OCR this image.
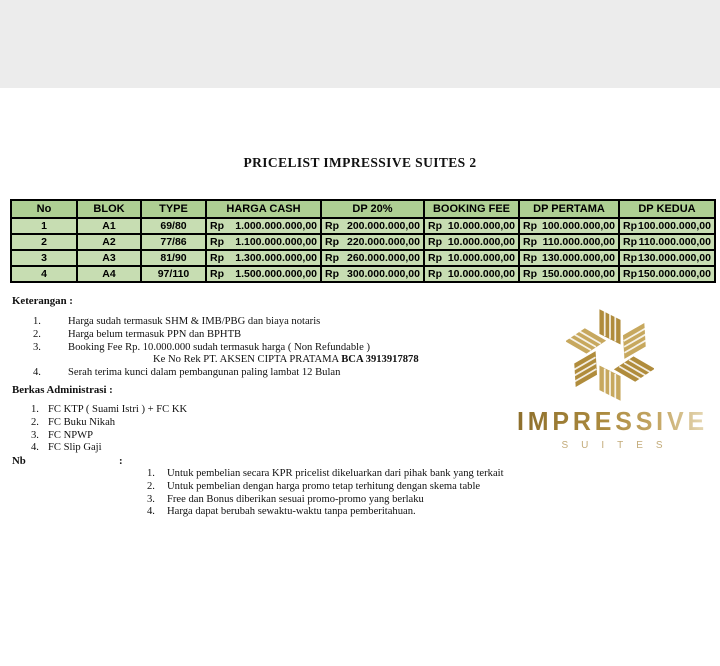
PRICELIST IMPRESSIVE SUITES 2
No	BLOK	TYPE	HARGA CASH	DP 20%	BOOKING FEE	DP PERTAMA	DP KEDUA
1	A1	69/80	Rp 1.000.000.000,00	Rp 200.000.000,00	Rp 10.000.000,00	Rp 100.000.000,00	Rp 100.000.000,00

2	A2	77/86	Rp 1.100.000.000,00	Rp 220.000.000,00	Rp 10.000.000,00	Rp 110.000.000,00	Rp 110.000.000,00

3	A3	81/90	Rp 1.300.000.000,00	Rp 260.000.000,00	Rp 10.000.000,00	Rp 130.000.000,00	Rp 130.000.000,00

4	A4	97/110	Rp 1.500.000.000,00	Rp 300.000.000,00	Rp 10.000.000,00	Rp 150.000.000,00	Rp 150.000.000,00
Keterangan :
1.	Harga sudah termasuk SHM & IMB/PBG dan biaya notaris
2.	Harga belum termasuk PPN dan BPHTB
3.	Booking Fee Rp. 10.000.000 sudah termasuk harga ( Non Refundable )
Ke No Rek PT. AKSEN CIPTA PRATAMA BCA 3913917878
4.	Serah terima kunci dalam pembangunan paling lambat 12 Bulan
Berkas Administrasi :
1. FC KTP ( Suami Istri ) + FC KK
2. FC Buku Nikah
3. FC NPWP
4. FC Slip Gaji
Nb	:
1.	Untuk pembelian secara KPR pricelist dikeluarkan dari pihak bank yang terkait
2.	Untuk pembelian dengan harga promo tetap terhitung dengan skema table
3.	Free dan Bonus diberikan sesuai promo-promo yang berlaku
4.	Harga dapat berubah sewaktu-waktu tanpa pemberitahuan.
IMPRESSIVE
SUITES
